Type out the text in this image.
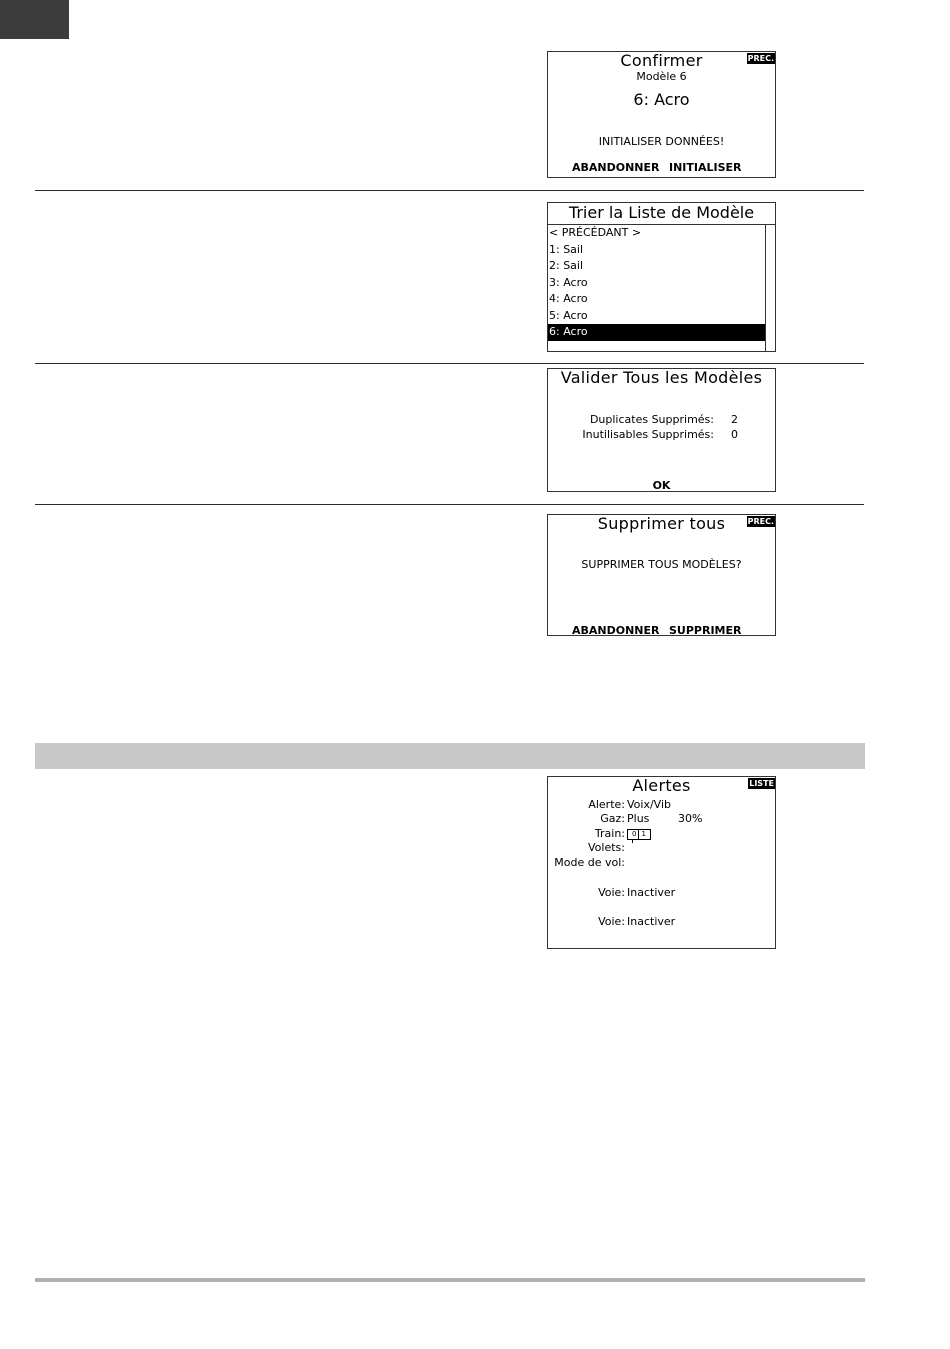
PREC.
Confirmer
Modèle 6
6: Acro
INITIALISER DONNÉES!
ABANDONNER INITIALISER
Trier la Liste de Modèle
< PRÉCÉDANT >
1: Sail
2: Sail
3: Acro
4: Acro
5: Acro
6: Acro
Valider Tous les Modèles
Duplicates Supprimés: 2
Inutilisables Supprimés: 0
OK
PREC.
Supprimer tous
SUPPRIMER TOUS MODÈLES?
ABANDONNER SUPPRIMER
LISTE
Alertes
Alerte: Voix/Vib
Gaz: Plus	30%
Train:	0 1
Volets:
Mode de vol:
Voie: Inactiver
Voie: Inactiver
